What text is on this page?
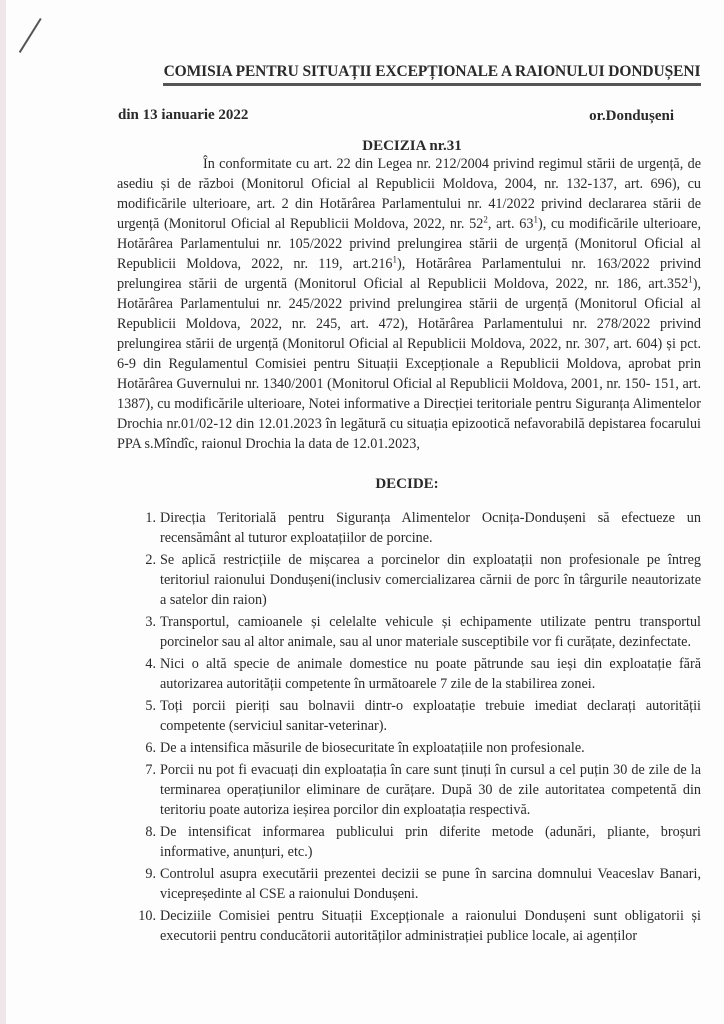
COMISIA PENTRU SITUAȚII EXCEPȚIONALE A RAIONULUI DONDUȘENI
din 13 ianuarie 2022	or.Dondușeni
DECIZIA nr.31
În conformitate cu art. 22 din Legea nr. 212/2004 privind regimul stării de urgență, de asediu și de război (Monitorul Oficial al Republicii Moldova, 2004, nr. 132-137, art. 696), cu modificările ulterioare, art. 2 din Hotărârea Parlamentului nr. 41/2022 privind declararea stării de urgență (Monitorul Oficial al Republicii Moldova, 2022, nr. $52^2$, art. $63^1$), cu modificările ulterioare, Hotărârea Parlamentului nr. 105/2022 privind prelungirea stării de urgență (Monitorul Oficial al Republicii Moldova, 2022, nr. 119, art.216$^1$), Hotărârea Parlamentului nr. 163/2022 privind prelungirea stării de urgentă (Monitorul Oficial al Republicii Moldova, 2022, nr. 186, art.352$^1$), Hotărârea Parlamentului nr. 245/2022 privind prelungirea stării de urgență (Monitorul Oficial al Republicii Moldova, 2022, nr. 245, art. 472), Hotărârea Parlamentului nr. 278/2022 privind prelungirea stării de urgență (Monitorul Oficial al Republicii Moldova, 2022, nr. 307, art. 604) și pct. 6-9 din Regulamentul Comisiei pentru Situații Excepționale a Republicii Moldova, aprobat prin Hotărârea Guvernului nr. 1340/2001 (Monitorul Oficial al Republicii Moldova, 2001, nr. 150- 151, art. 1387), cu modificările ulterioare, Notei informative a Direcției teritoriale pentru Siguranța Alimentelor Drochia nr.01/02-12 din 12.01.2023 în legătură cu situația epizootică nefavorabilă depistarea focarului PPA s.Mîndîc, raionul Drochia la data de 12.01.2023,
DECIDE:
1. Direcția Teritorială pentru Siguranța Alimentelor Ocnița-Dondușeni să efectueze un recensământ al tuturor exploatațiilor de porcine.
2. Se aplică restricțiile de mișcarea a porcinelor din exploatații non profesionale pe întreg teritoriul raionului Dondușeni(inclusiv comercializarea cărnii de porc în târgurile neautorizate a satelor din raion)
3. Transportul, camioanele și celelalte vehicule și echipamente utilizate pentru transportul porcinelor sau al altor animale, sau al unor materiale susceptibile vor fi curățate, dezinfectate.
4. Nici o altă specie de animale domestice nu poate pătrunde sau ieși din exploatație fără autorizarea autorității competente în următoarele 7 zile de la stabilirea zonei.
5. Toți porcii pieriți sau bolnavii dintr-o exploatație trebuie imediat declarați autorității competente (serviciul sanitar-veterinar).
6. De a intensifica măsurile de biosecuritate în exploatațiile non profesionale.
7. Porcii nu pot fi evacuați din exploatația în care sunt ținuți în cursul a cel puțin 30 de zile de la terminarea operațiunilor eliminare de curățare. După 30 de zile autoritatea competentă din teritoriu poate autoriza ieșirea porcilor din exploatația respectivă.
8. De intensificat informarea publicului prin diferite metode (adunări, pliante, broșuri informative, anunțuri, etc.)
9. Controlul asupra executării prezentei decizii se pune în sarcina domnului Veaceslav Banari, vicepreședinte al CSE a raionului Dondușeni.
10. Deciziile Comisiei pentru Situații Excepționale a raionului Dondușeni sunt obligatorii și executorii pentru conducătorii autorităților administrației publice locale, ai agenților
